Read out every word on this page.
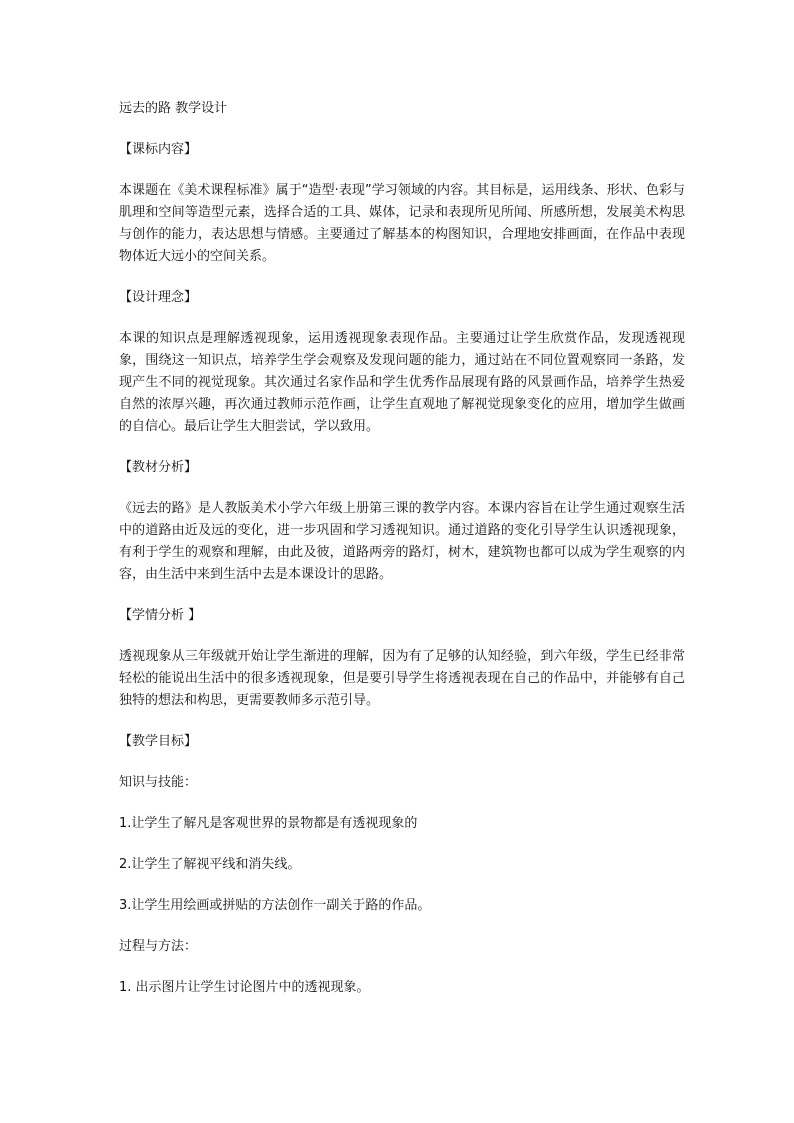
远去的路 教学设计

【课标内容】

本课题在《美术课程标准》属于“造型·表现”学习领域的内容。其目标是，运用线条、形状、色彩与肌理和空间等造型元素，选择合适的工具、媒体，记录和表现所见所闻、所感所想，发展美术构思与创作的能力，表达思想与情感。主要通过了解基本的构图知识，合理地安排画面，在作品中表现物体近大远小的空间关系。

【设计理念】

本课的知识点是理解透视现象，运用透视现象表现作品。主要通过让学生欣赏作品，发现透视现象，围绕这一知识点，培养学生学会观察及发现问题的能力，通过站在不同位置观察同一条路，发现产生不同的视觉现象。其次通过名家作品和学生优秀作品展现有路的风景画作品，培养学生热爱自然的浓厚兴趣，再次通过教师示范作画，让学生直观地了解视觉现象变化的应用，增加学生做画的自信心。最后让学生大胆尝试，学以致用。

【教材分析】

《远去的路》是人教版美术小学六年级上册第三课的教学内容。本课内容旨在让学生通过观察生活中的道路由近及远的变化，进一步巩固和学习透视知识。通过道路的变化引导学生认识透视现象，有利于学生的观察和理解，由此及彼，道路两旁的路灯，树木，建筑物也都可以成为学生观察的内容，由生活中来到生活中去是本课设计的思路。

【学情分析 】

透视现象从三年级就开始让学生渐进的理解，因为有了足够的认知经验，到六年级，学生已经非常轻松的能说出生活中的很多透视现象，但是要引导学生将透视表现在自己的作品中，并能够有自己独特的想法和构思，更需要教师多示范引导。

【教学目标】

知识与技能：

1.让学生了解凡是客观世界的景物都是有透视现象的

2.让学生了解视平线和消失线。

3.让学生用绘画或拼贴的方法创作一副关于路的作品。

过程与方法：

1. 出示图片让学生讨论图片中的透视现象。
